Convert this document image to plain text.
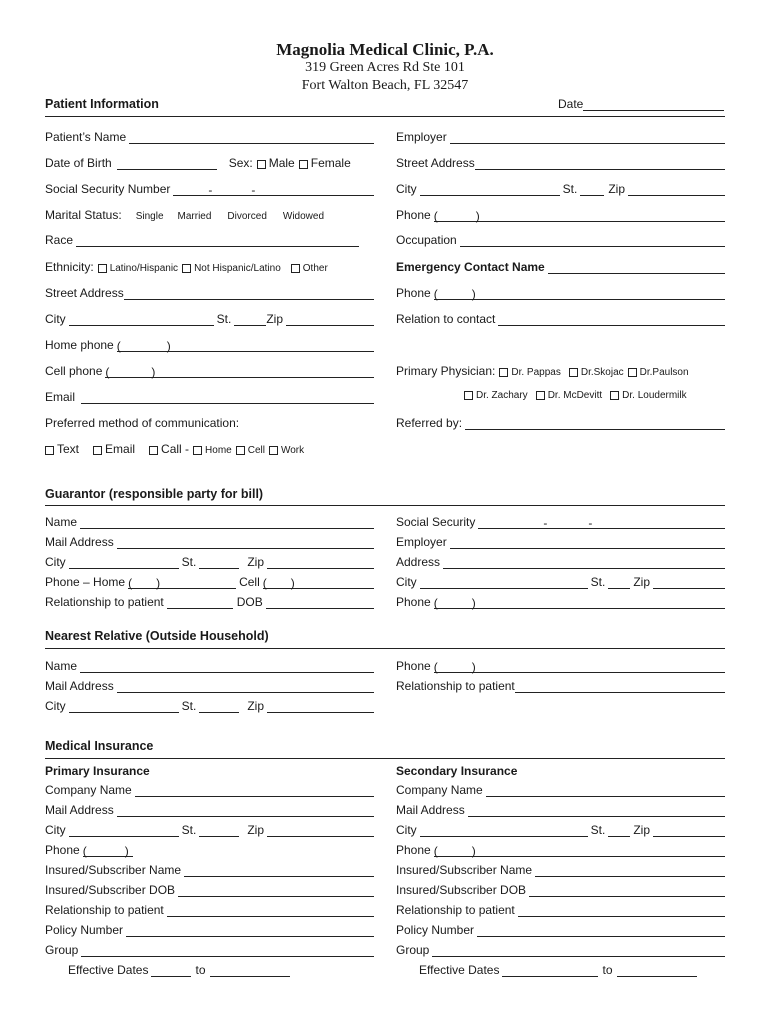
Magnolia Medical Clinic, P.A.
319 Green Acres Rd Ste 101
Fort Walton Beach, FL 32547
Patient Information	Date
Patient’s Name
Date of Birth	Sex: Male Female
Social Security Number	-	-
Marital Status: Single Married Divorced Widowed
Race
Ethnicity: Latino/Hispanic Not Hispanic/Latino Other
Street Address
City	St.	Zip
Home phone (	)
Cell phone (	)
Email
Preferred method of communication:
Text Email Call - Home Cell Work
Employer
Street Address
City	St.	Zip
Phone (	)
Occupation
Emergency Contact Name
Phone (	)
Relation to contact
Primary Physician: Dr. Pappas Dr.Skojac Dr.Paulson
Dr. Zachary Dr. McDevitt Dr. Loudermilk
Referred by:
Guarantor (responsible party for bill)
Name
Mail Address
City	St.	Zip
Phone – Home ( )	Cell ( )
Relationship to patient	DOB
Social Security	-	-
Employer
Address
City	St. Zip
Phone (	)
Nearest Relative (Outside Household)
Name
Mail Address
City	St.	Zip
Phone (	)
Relationship to patient
Medical Insurance
Primary Insurance	Secondary Insurance
Company Name
Mail Address
City	St.	Zip
Phone (	)
Insured/Subscriber Name
Insured/Subscriber DOB
Relationship to patient
Policy Number
Group
Effective Dates	to
Company Name
Mail Address
City	St. Zip
Phone (	)
Insured/Subscriber Name
Insured/Subscriber DOB
Relationship to patient
Policy Number
Group
Effective Dates	to
